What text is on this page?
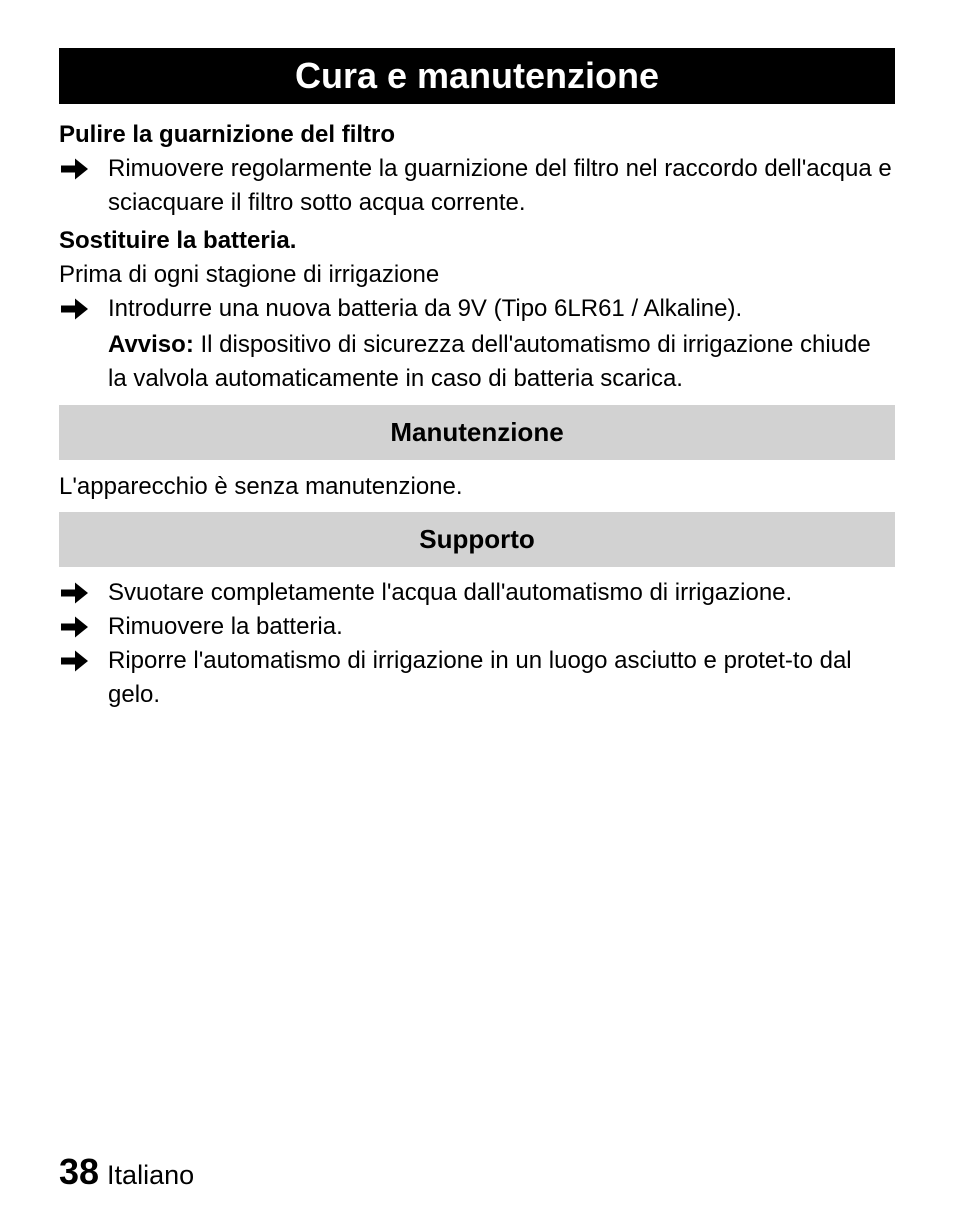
Cura e manutenzione
Pulire la guarnizione del filtro
Rimuovere regolarmente la guarnizione del filtro nel raccordo dell'acqua e sciacquare il filtro sotto acqua corrente.
Sostituire la batteria.
Prima di ogni stagione di irrigazione
Introdurre una nuova batteria da 9V (Tipo 6LR61 / Alkaline).
Avviso: Il dispositivo di sicurezza dell'automatismo di irrigazione chiude la valvola automaticamente in caso di batteria scarica.
Manutenzione
L'apparecchio è senza manutenzione.
Supporto
Svuotare completamente l'acqua dall'automatismo di irrigazione.
Rimuovere la batteria.
Riporre l'automatismo di irrigazione in un luogo asciutto e protet-to dal gelo.
38 Italiano
